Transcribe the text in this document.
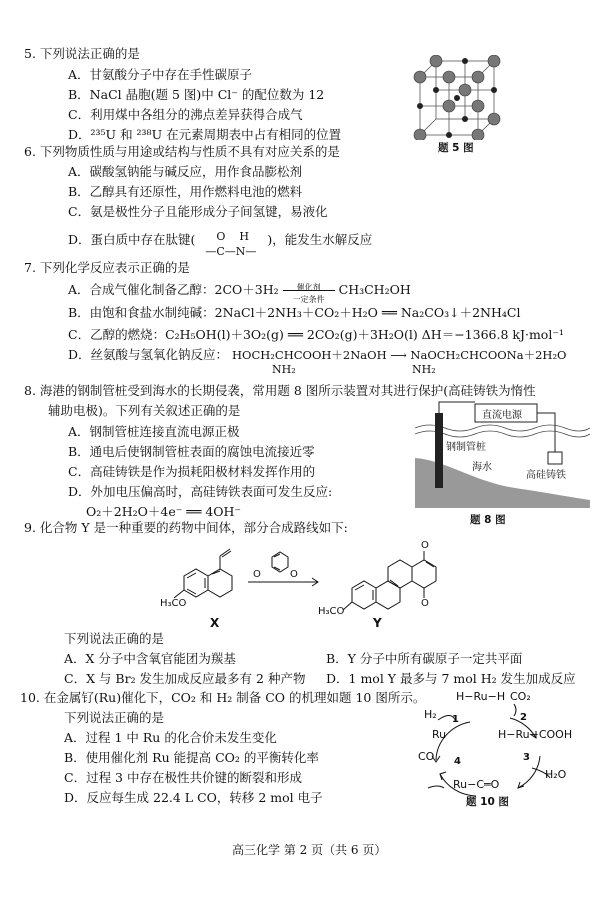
5. 下列说法正确的是
A．甘氨酸分子中存在手性碳原子
B．NaCl 晶胞(题 5 图)中 Cl⁻ 的配位数为 12
C．利用煤中各组分的沸点差异获得合成气
D．²³⁵U 和 ²³⁸U 在元素周期表中占有相同的位置
题 5 图
6. 下列物质性质与用途或结构与性质不具有对应关系的是
A．碳酸氢钠能与碱反应，用作食品膨松剂
B．乙醇具有还原性，用作燃料电池的燃料
C．氨是极性分子且能形成分子间氢键，易液化
D．蛋白质中存在肽键( O H
—C—N—
)，能发生水解反应
7. 下列化学反应表示正确的是
A．合成气催化制备乙醇：2CO＋3H₂	催化剂
一定条件
CH₃CH₂OH
B．由饱和食盐水制纯碱：2NaCl＋2NH₃＋CO₂＋H₂O ══ Na₂CO₃↓＋2NH₄Cl
C．乙醇的燃烧：C₂H₅OH(l)＋3O₂(g) ══ 2CO₂(g)＋3H₂O(l) ΔH＝−1366.8 kJ·mol⁻¹
D．丝氨酸与氢氧化钠反应： HOCH₂CHCOOH＋2NaOH ⟶ NaOCH₂CHCOONa＋2H₂O
NH₂	NH₂
8. 海港的钢制管桩受到海水的长期侵袭，常用题 8 图所示装置对其进行保护(高硅铸铁为惰性
辅助电极)。下列有关叙述正确的是
A．钢制管桩连接直流电源正极
B．通电后使钢制管桩表面的腐蚀电流接近零
C．高硅铸铁是作为损耗阳极材料发挥作用的
D．外加电压偏高时，高硅铸铁表面可发生反应:
O₂＋2H₂O＋4e⁻ ══ 4OH⁻
直流电源
钢制管桩
海水
高硅铸铁
题 8 图
9. 化合物 Y 是一种重要的药物中间体，部分合成路线如下:
O	O
O
O
H₃CO
H₃CO
X	Y
下列说法正确的是
A．X 分子中含氧官能团为羰基	B．Y 分子中所有碳原子一定共平面
C．X 与 Br₂ 发生加成反应最多有 2 种产物 D．1 mol Y 最多与 7 mol H₂ 发生加成反应
10. 在金属钌(Ru)催化下，CO₂ 和 H₂ 制备 CO 的机理如题 10 图所示。
下列说法正确的是
A．过程 1 中 Ru 的化合价未发生变化
B．使用催化剂 Ru 能提高 CO₂ 的平衡转化率
C．过程 3 中存在极性共价键的断裂和形成
D．反应每生成 22.4 L CO，转移 2 mol 电子
H−Ru−H CO₂
H₂
Ru	H−Ru−COOH
Ru−C═O
CO
H₂O
1	2
3
4
题 10 图
高三化学 第 2 页（共 6 页）
